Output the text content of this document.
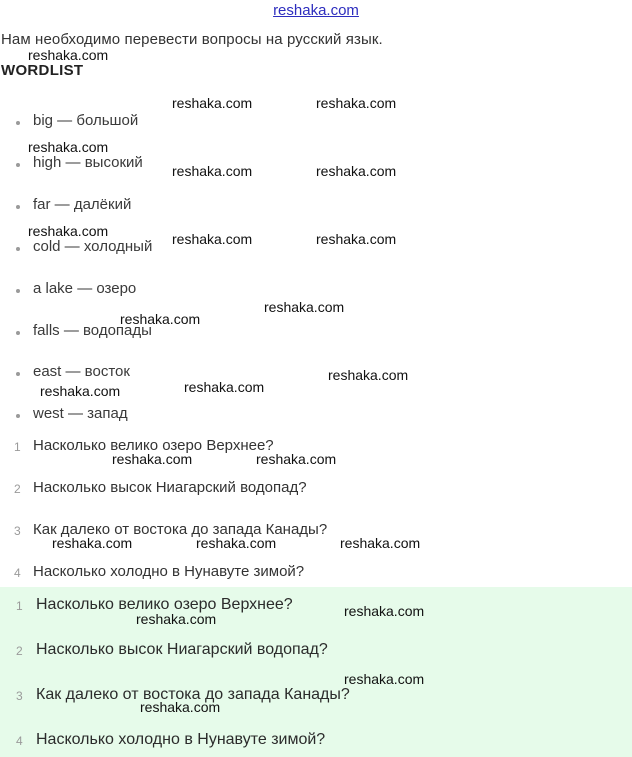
reshaka.com
Нам необходимо перевести вопросы на русский язык.
WORDLIST
big — большой
high — высокий
far — далёкий
cold — холодный
a lake — озеро
falls — водопады
east — восток
west — запад
1 Насколько велико озеро Верхнее?
2 Насколько высок Ниагарский водопад?
3 Как далеко от востока до запада Канады?
4 Насколько холодно в Нунавуте зимой?
1 Насколько велико озеро Верхнее?
2 Насколько высок Ниагарский водопад?
3 Как далеко от востока до запада Канады?
4 Насколько холодно в Нунавуте зимой?
reshaka.com
reshaka.com	reshaka.com
reshaka.com
reshaka.com	reshaka.com
reshaka.com	reshaka.com	reshaka.com
reshaka.com
reshaka.com
reshaka.com
reshaka.com
reshaka.com
reshaka.com	reshaka.com
reshaka.com	reshaka.com	reshaka.com
reshaka.com
reshaka.com
reshaka.com
reshaka.com
